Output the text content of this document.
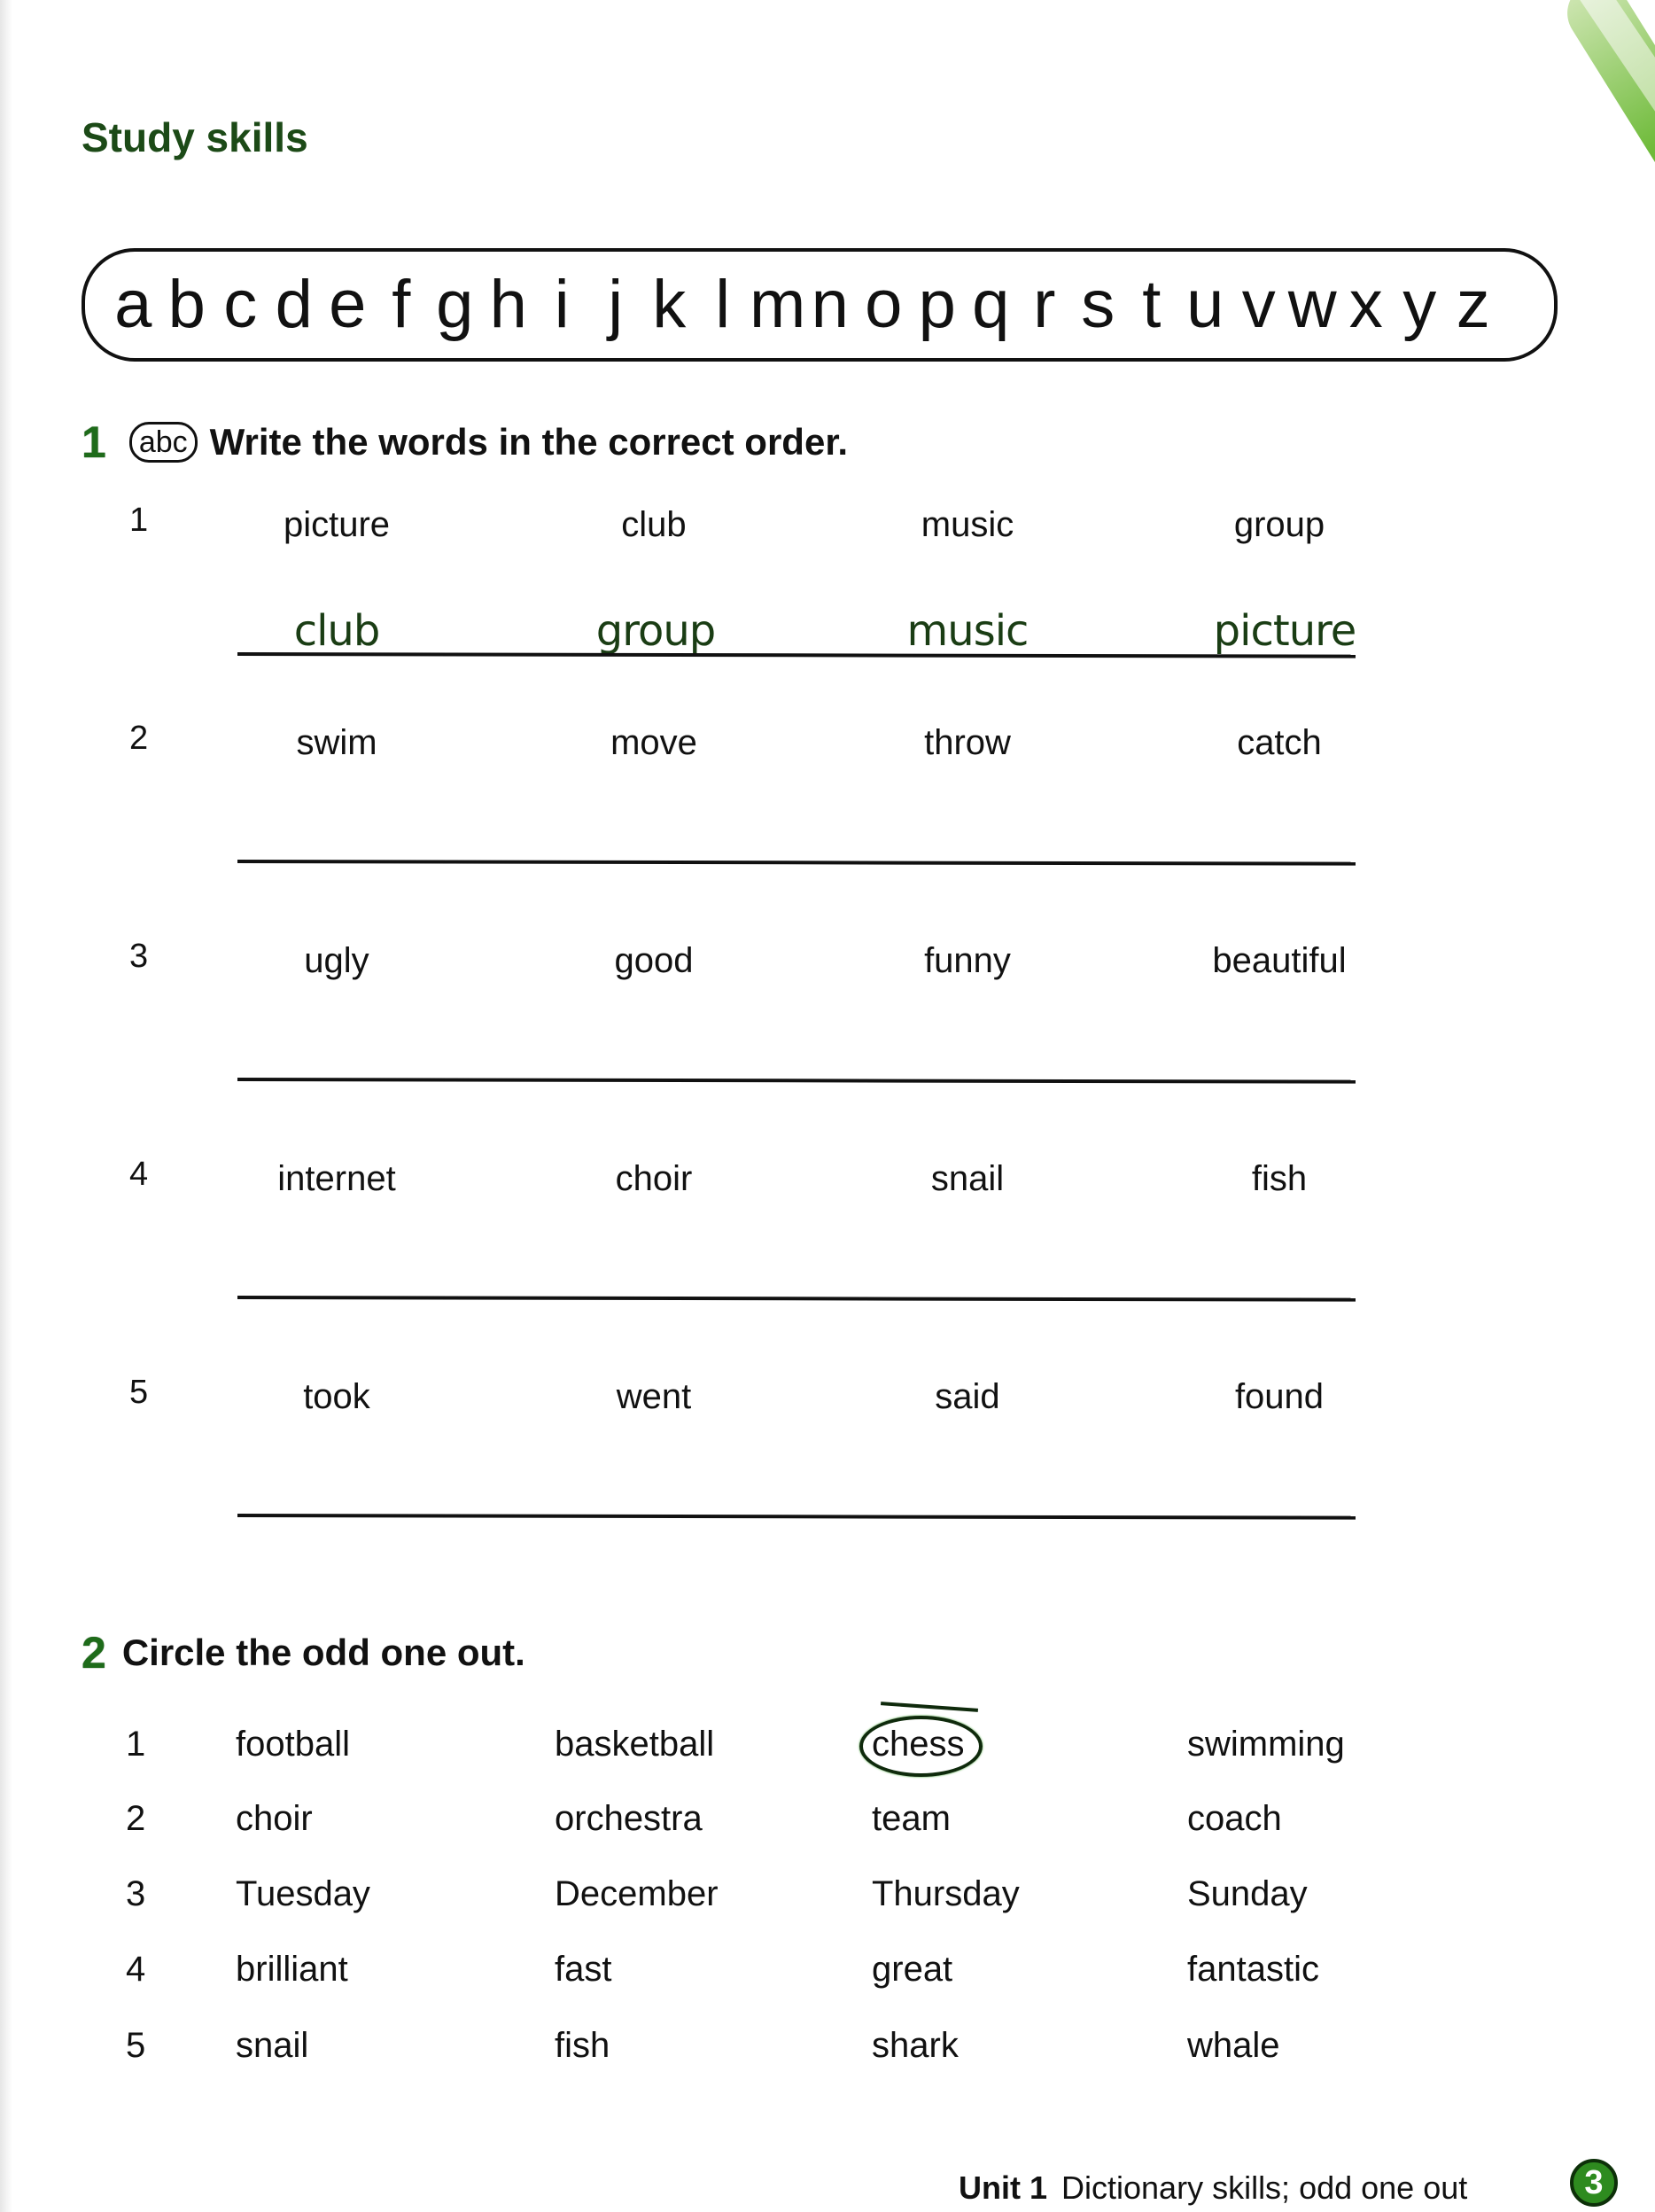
Study skills
a b c d e f g h i j k l m n o p q r s t u v w x y z
1	abc Write the words in the correct order.
1	picture	club	music	group
club	group	music	picture
2	swim	move	throw	catch
3	ugly	good	funny	beautiful
4	internet	choir	snail	fish
5	took	went	said	found
2 Circle the odd one out.
1	football	basketball	chess	swimming
2	choir	orchestra	team	coach
3	Tuesday	December	Thursday	Sunday
4	brilliant	fast	great	fantastic
5	snail	fish	shark	whale
Unit 1 Dictionary skills; odd one out	3
